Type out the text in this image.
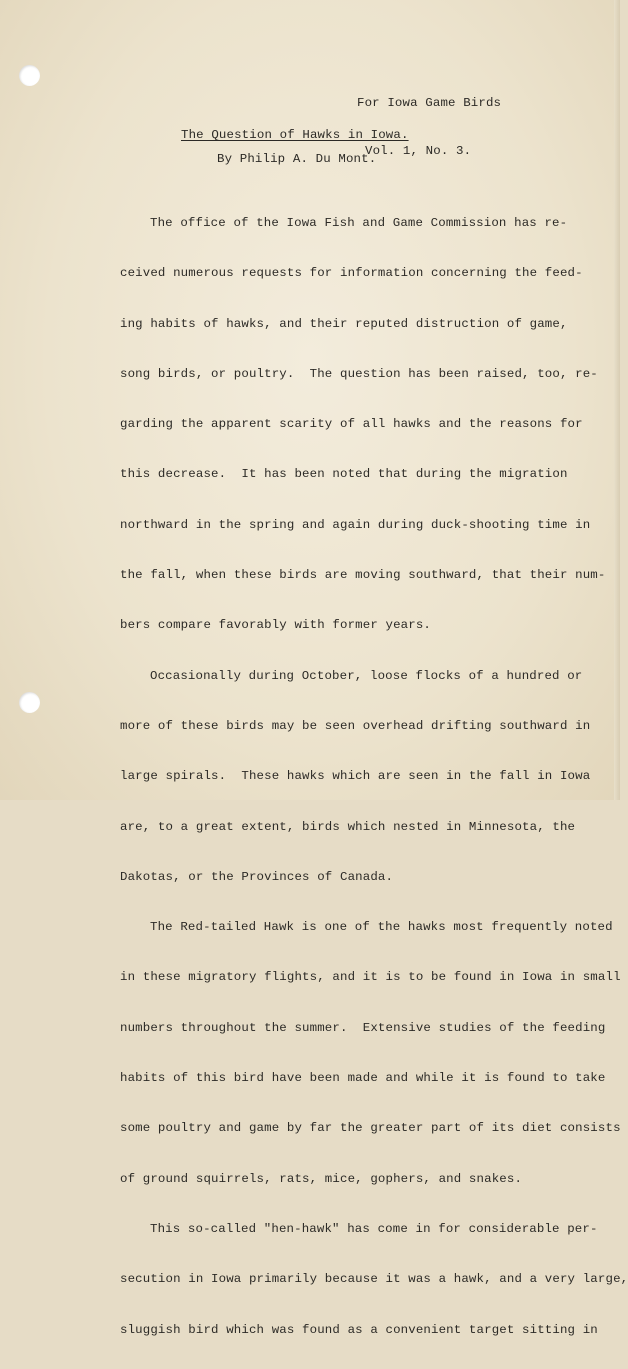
For Iowa Game Birds

Vol. 1, No. 3.

The Question of Hawks in Iowa.
By Philip A. Du Mont.

The office of the Iowa Fish and Game Commission has re-

ceived numerous requests for information concerning the feed-

ing habits of hawks, and their reputed distruction of game,

song birds, or poultry.  The question has been raised, too, re-

garding the apparent scarity of all hawks and the reasons for

this decrease.  It has been noted that during the migration

northward in the spring and again during duck-shooting time in

the fall, when these birds are moving southward, that their num-

bers compare favorably with former years.

Occasionally during October, loose flocks of a hundred or

more of these birds may be seen overhead drifting southward in

large spirals.  These hawks which are seen in the fall in Iowa

are, to a great extent, birds which nested in Minnesota, the

Dakotas, or the Provinces of Canada.

The Red-tailed Hawk is one of the hawks most frequently noted

in these migratory flights, and it is to be found in Iowa in small

numbers throughout the summer.  Extensive studies of the feeding

habits of this bird have been made and while it is found to take

some poultry and game by far the greater part of its diet consists

of ground squirrels, rats, mice, gophers, and snakes.

This so-called "hen-hawk" has come in for considerable per-

secution in Iowa primarily because it was a hawk, and a very large,

sluggish bird which was found as a convenient target sitting in
